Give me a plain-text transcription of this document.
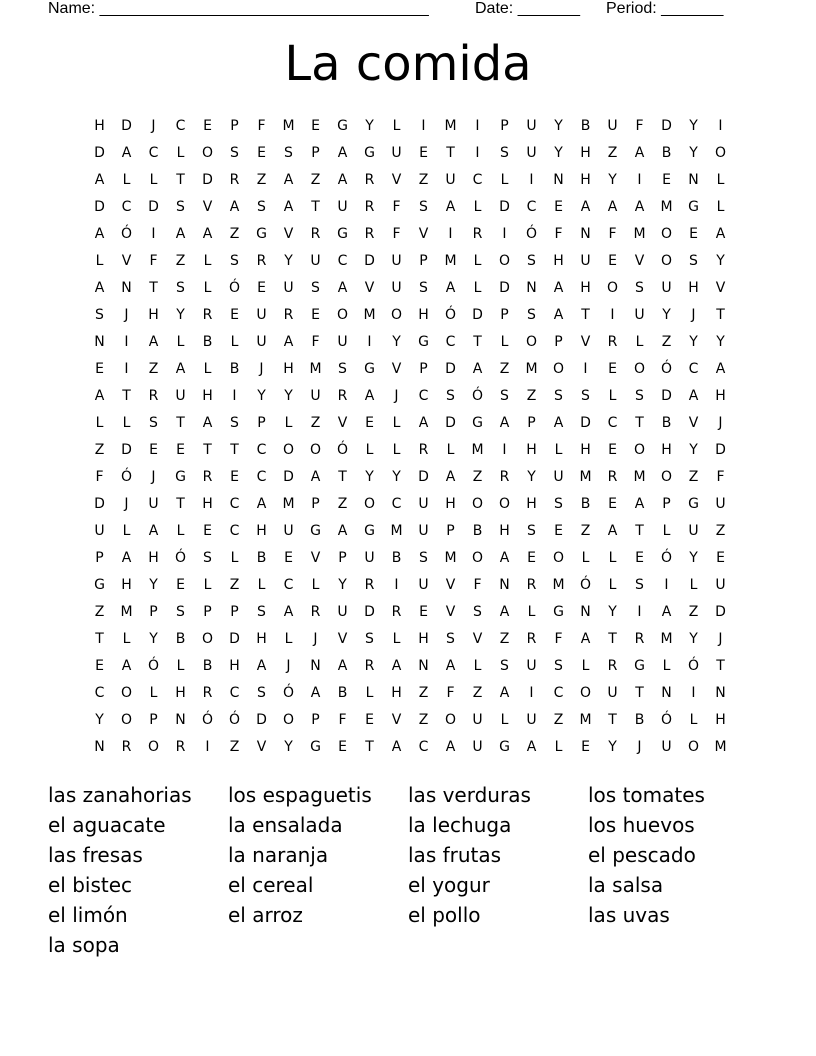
Name: _____________________________________	Date: _______ Period: _______
La comida
H	D	J	C	E	P	F	M	E	G	Y	L	I	M	I	P	U	Y	B	U	F	D	Y	I
D	A	C	L	O	S	E	S	P	A	G	U	E	T	I	S	U	Y	H	Z	A	B	Y	O
A	L	L	T	D	R	Z	A	Z	A	R	V	Z	U	C	L	I	N	H	Y	I	E	N	L
D	C	D	S	V	A	S	A	T	U	R	F	S	A	L	D	C	E	A	A	A	M	G	L
A	Ó	I	A	A	Z	G	V	R	G	R	F	V	I	R	I	Ó	F	N	F	M	O	E	A
L	V	F	Z	L	S	R	Y	U	C	D	U	P	M	L	O	S	H	U	E	V	O	S	Y
A	N	T	S	L	Ó	E	U	S	A	V	U	S	A	L	D	N	A	H	O	S	U	H	V
S	J	H	Y	R	E	U	R	E	O	M	O	H	Ó	D	P	S	A	T	I	U	Y	J	T
N	I	A	L	B	L	U	A	F	U	I	Y	G	C	T	L	O	P	V	R	L	Z	Y	Y
E	I	Z	A	L	B	J	H	M	S	G	V	P	D	A	Z	M	O	I	E	O	Ó	C	A
A	T	R	U	H	I	Y	Y	U	R	A	J	C	S	Ó	S	Z	S	S	L	S	D	A	H
L	L	S	T	A	S	P	L	Z	V	E	L	A	D	G	A	P	A	D	C	T	B	V	J
Z	D	E	E	T	T	C	O	O	Ó	L	L	R	L	M	I	H	L	H	E	O	H	Y	D
F	Ó	J	G	R	E	C	D	A	T	Y	Y	D	A	Z	R	Y	U	M	R	M	O	Z	F
D	J	U	T	H	C	A	M	P	Z	O	C	U	H	O	O	H	S	B	E	A	P	G	U
U	L	A	L	E	C	H	U	G	A	G	M	U	P	B	H	S	E	Z	A	T	L	U	Z
P	A	H	Ó	S	L	B	E	V	P	U	B	S	M	O	A	E	O	L	L	E	Ó	Y	E
G	H	Y	E	L	Z	L	C	L	Y	R	I	U	V	F	N	R	M	Ó	L	S	I	L	U
Z	M	P	S	P	P	S	A	R	U	D	R	E	V	S	A	L	G	N	Y	I	A	Z	D
T	L	Y	B	O	D	H	L	J	V	S	L	H	S	V	Z	R	F	A	T	R	M	Y	J
E	A	Ó	L	B	H	A	J	N	A	R	A	N	A	L	S	U	S	L	R	G	L	Ó	T
C	O	L	H	R	C	S	Ó	A	B	L	H	Z	F	Z	A	I	C	O	U	T	N	I	N
Y	O	P	N	Ó	Ó	D	O	P	F	E	V	Z	O	U	L	U	Z	M	T	B	Ó	L	H
N	R	O	R	I	Z	V	Y	G	E	T	A	C	A	U	G	A	L	E	Y	J	U	O	M
las zanahorias	los espaguetis	las verduras	los tomates
el aguacate	la ensalada	la lechuga	los huevos
las fresas	la naranja	las frutas	el pescado
el bistec	el cereal	el yogur	la salsa
el limón	el arroz	el pollo	las uvas
la sopa
